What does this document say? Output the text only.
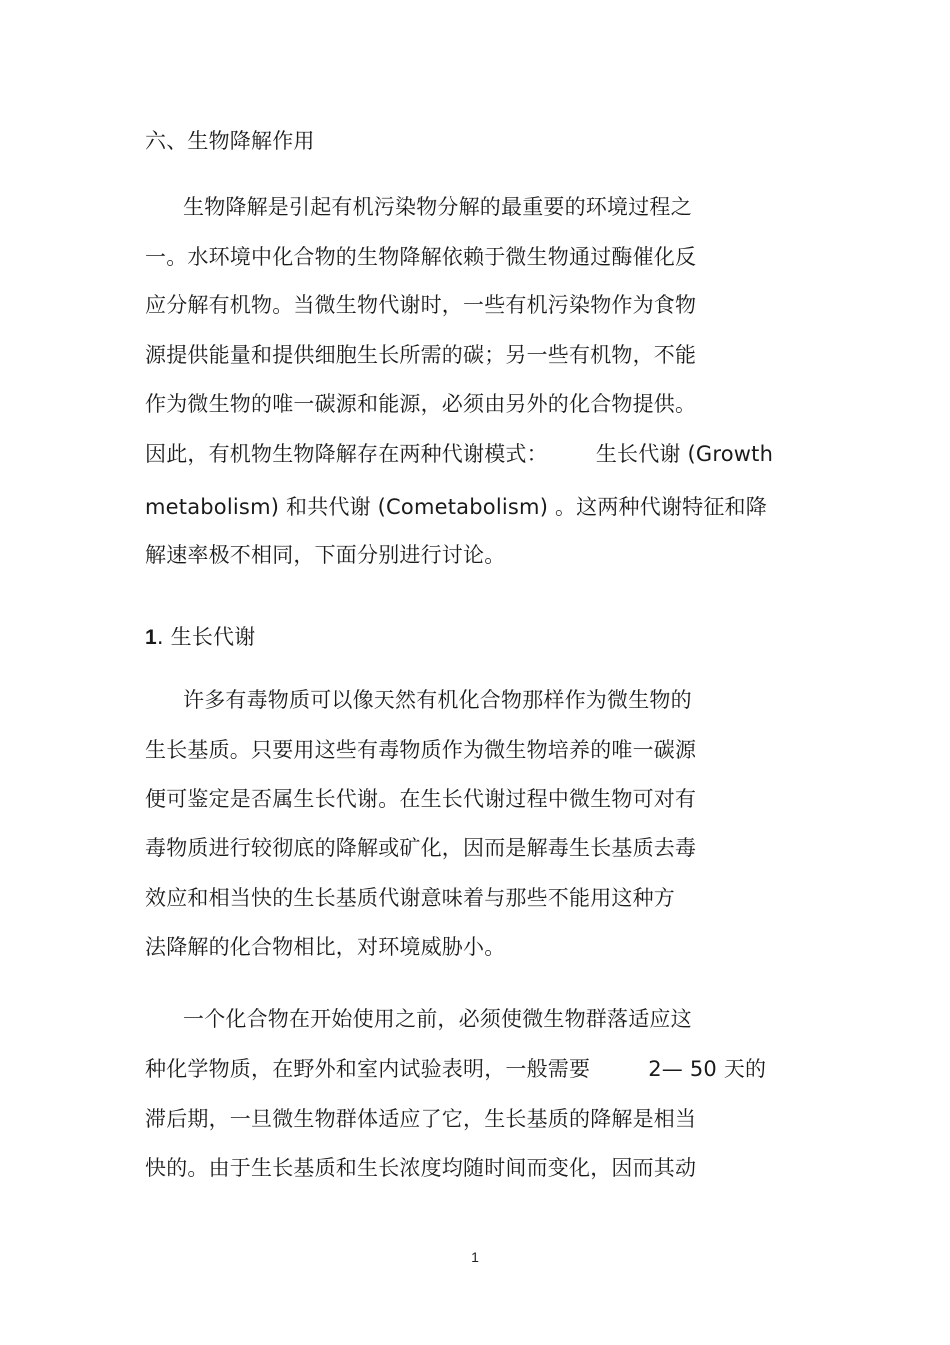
六、生物降解作用
生物降解是引起有机污染物分解的最重要的环境过程之
一。水环境中化合物的生物降解依赖于微生物通过酶催化反
应分解有机物。当微生物代谢时，一些有机污染物作为食物
源提供能量和提供细胞生长所需的碳；另一些有机物，不能
作为微生物的唯一碳源和能源，必须由另外的化合物提供。
因此，有机物生物降解存在两种代谢模式： 生长代谢 (Growth
metabolism) 和共代谢 (Cometabolism) 。这两种代谢特征和降
解速率极不相同，下面分别进行讨论。
1. 生长代谢
许多有毒物质可以像天然有机化合物那样作为微生物的
生长基质。只要用这些有毒物质作为微生物培养的唯一碳源
便可鉴定是否属生长代谢。在生长代谢过程中微生物可对有
毒物质进行较彻底的降解或矿化，因而是解毒生长基质去毒
效应和相当快的生长基质代谢意味着与那些不能用这种方
法降解的化合物相比，对环境威胁小。
一个化合物在开始使用之前，必须使微生物群落适应这
种化学物质，在野外和室内试验表明，一般需要	2— 50 天的
滞后期，一旦微生物群体适应了它，生长基质的降解是相当
快的。由于生长基质和生长浓度均随时间而变化，因而其动
1
